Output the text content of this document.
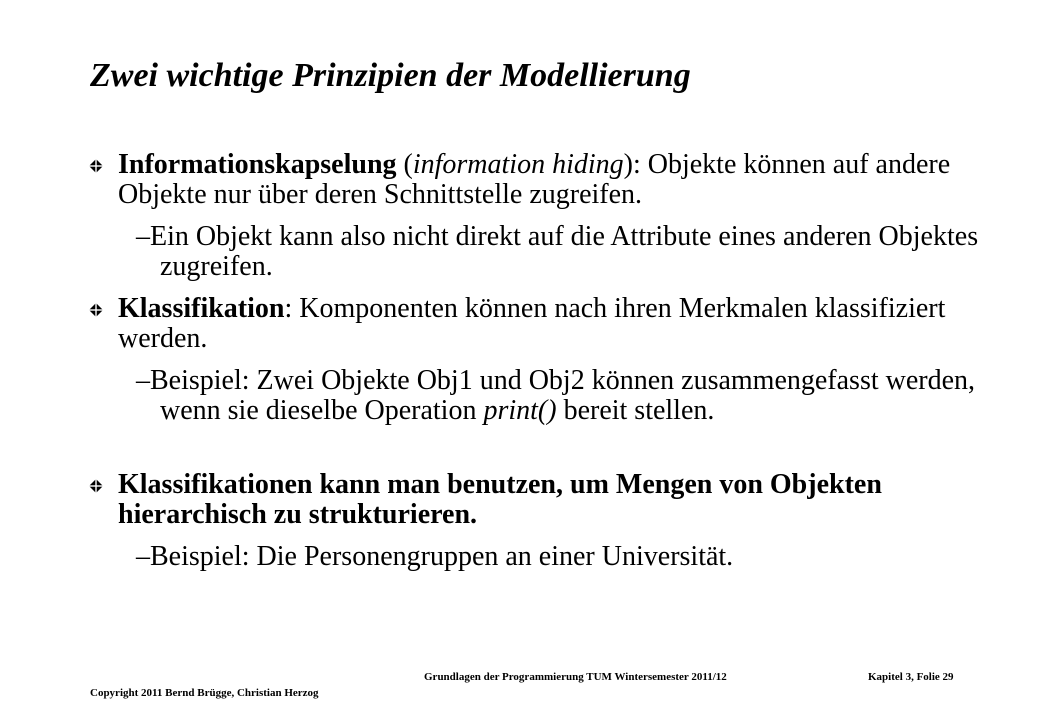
Zwei wichtige Prinzipien der Modellierung
Informationskapselung (information hiding): Objekte können auf andere Objekte nur über deren Schnittstelle zugreifen.
–Ein Objekt kann also nicht direkt auf die Attribute eines anderen Objektes zugreifen.
Klassifikation: Komponenten können nach ihren Merkmalen klassifiziert werden.
–Beispiel: Zwei Objekte Obj1 und Obj2 können zusammengefasst werden, wenn sie dieselbe Operation print() bereit stellen.
Klassifikationen kann man benutzen, um Mengen von Objekten hierarchisch zu strukturieren.
–Beispiel: Die Personengruppen an einer Universität.
Copyright 2011 Bernd Brügge, Christian Herzog
Grundlagen der Programmierung TUM Wintersemester 2011/12	Kapitel 3, Folie 29
